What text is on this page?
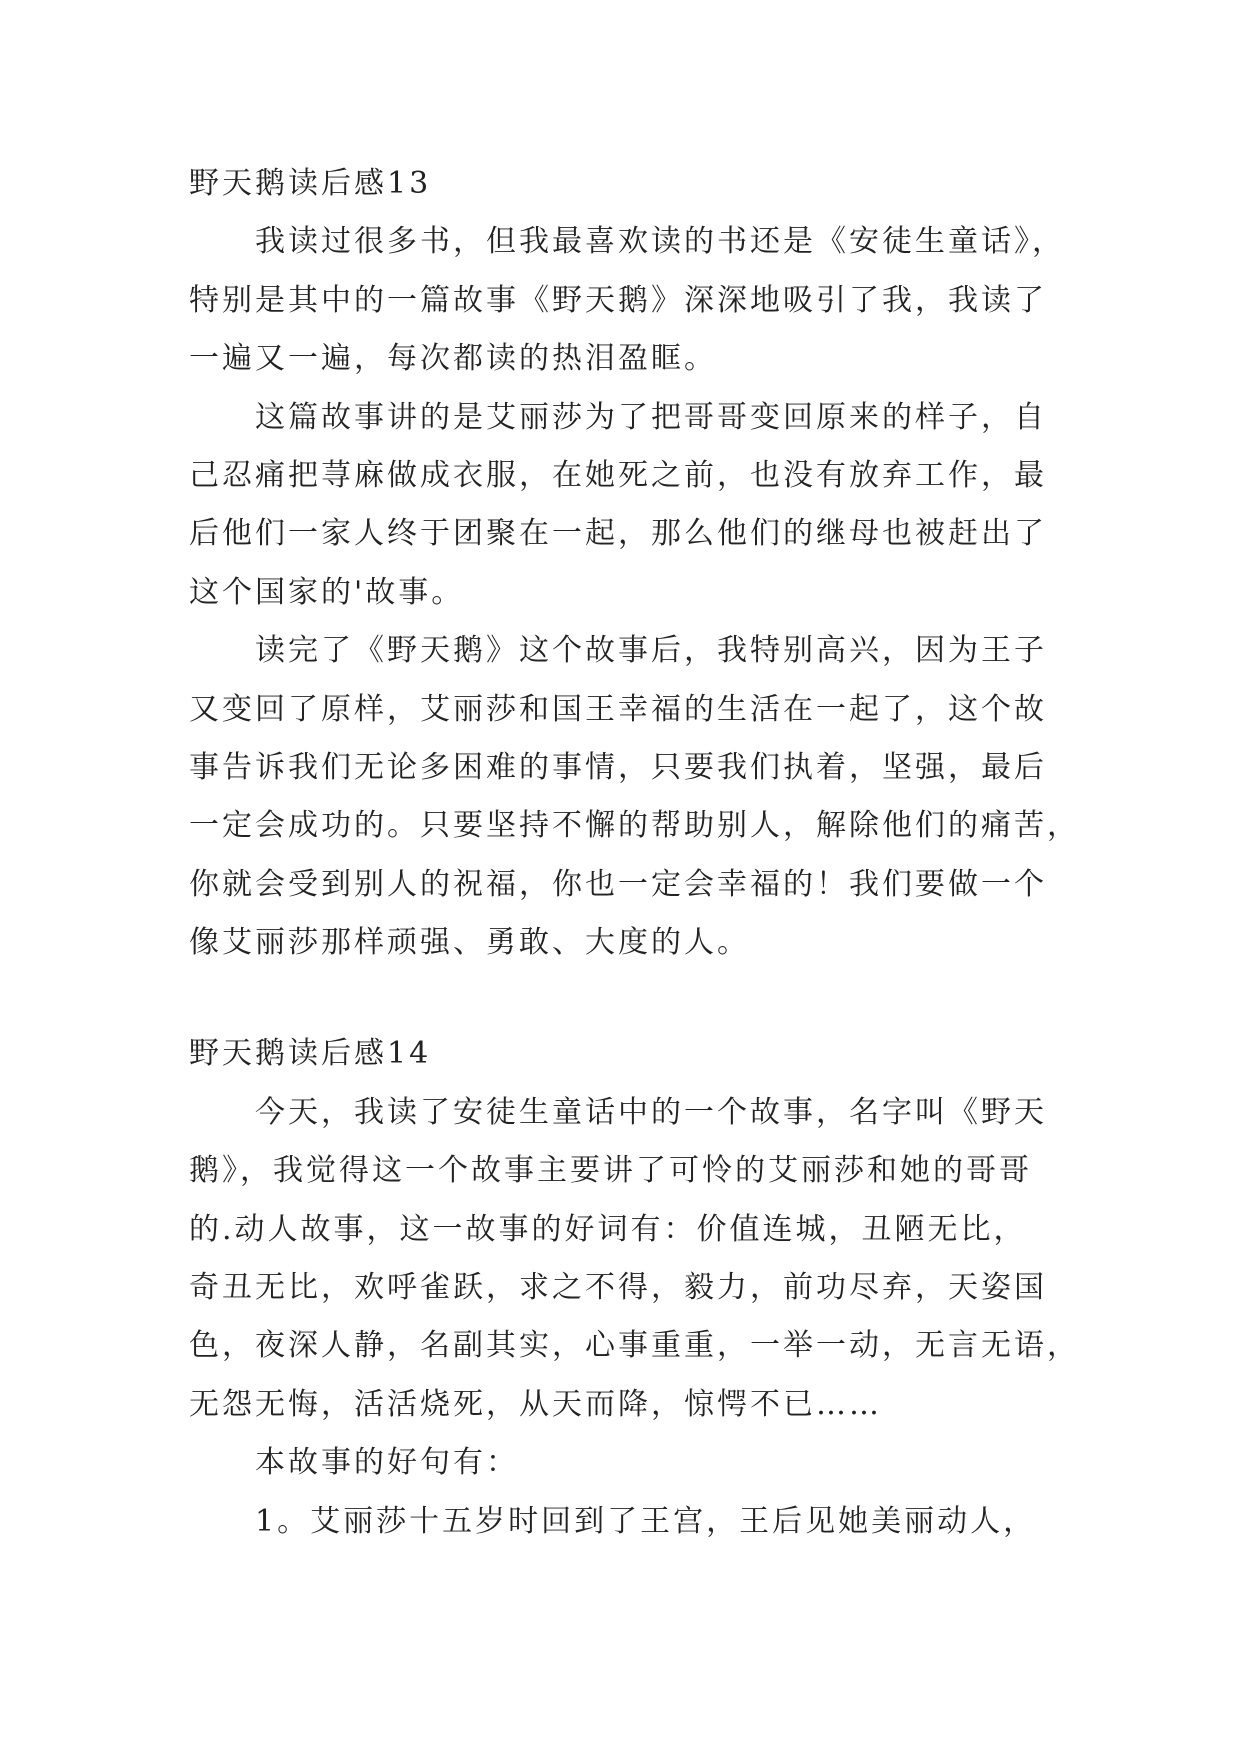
野天鹅读后感13
我读过很多书，但我最喜欢读的书还是《安徒生童话》，
特别是其中的一篇故事《野天鹅》深深地吸引了我，我读了
一遍又一遍，每次都读的热泪盈眶。
这篇故事讲的是艾丽莎为了把哥哥变回原来的样子，自
己忍痛把荨麻做成衣服，在她死之前，也没有放弃工作，最
后他们一家人终于团聚在一起，那么他们的继母也被赶出了
这个国家的'故事。
读完了《野天鹅》这个故事后，我特别高兴，因为王子
又变回了原样，艾丽莎和国王幸福的生活在一起了，这个故
事告诉我们无论多困难的事情，只要我们执着，坚强，最后
一定会成功的。只要坚持不懈的帮助别人，解除他们的痛苦，
你就会受到别人的祝福，你也一定会幸福的！我们要做一个
像艾丽莎那样顽强、勇敢、大度的人。
野天鹅读后感14
今天，我读了安徒生童话中的一个故事，名字叫《野天
鹅》，我觉得这一个故事主要讲了可怜的艾丽莎和她的哥哥
的.动人故事，这一故事的好词有：价值连城，丑陋无比，
奇丑无比，欢呼雀跃，求之不得，毅力，前功尽弃，天姿国
色，夜深人静，名副其实，心事重重，一举一动，无言无语，
无怨无悔，活活烧死，从天而降，惊愕不已……
本故事的好句有：
1。艾丽莎十五岁时回到了王宫，王后见她美丽动人，
